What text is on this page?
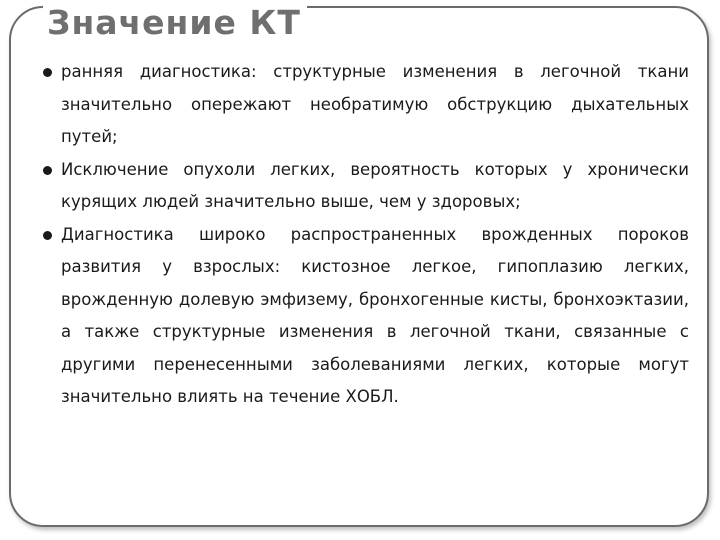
Значение КТ
ранняя диагностика: структурные изменения в легочной ткани значительно опережают необратимую обструкцию дыхательных путей;
Исключение опухоли легких, вероятность которых у хронически курящих людей значительно выше, чем у здоровых;
Диагностика широко распространенных врожденных пороков развития у взрослых: кистозное легкое, гипоплазию легких, врожденную долевую эмфизему, бронхогенные кисты, бронхоэктазии, а также структурные изменения в легочной ткани, связанные с другими перенесенными заболеваниями легких, которые могут значительно влиять на течение ХОБЛ.
